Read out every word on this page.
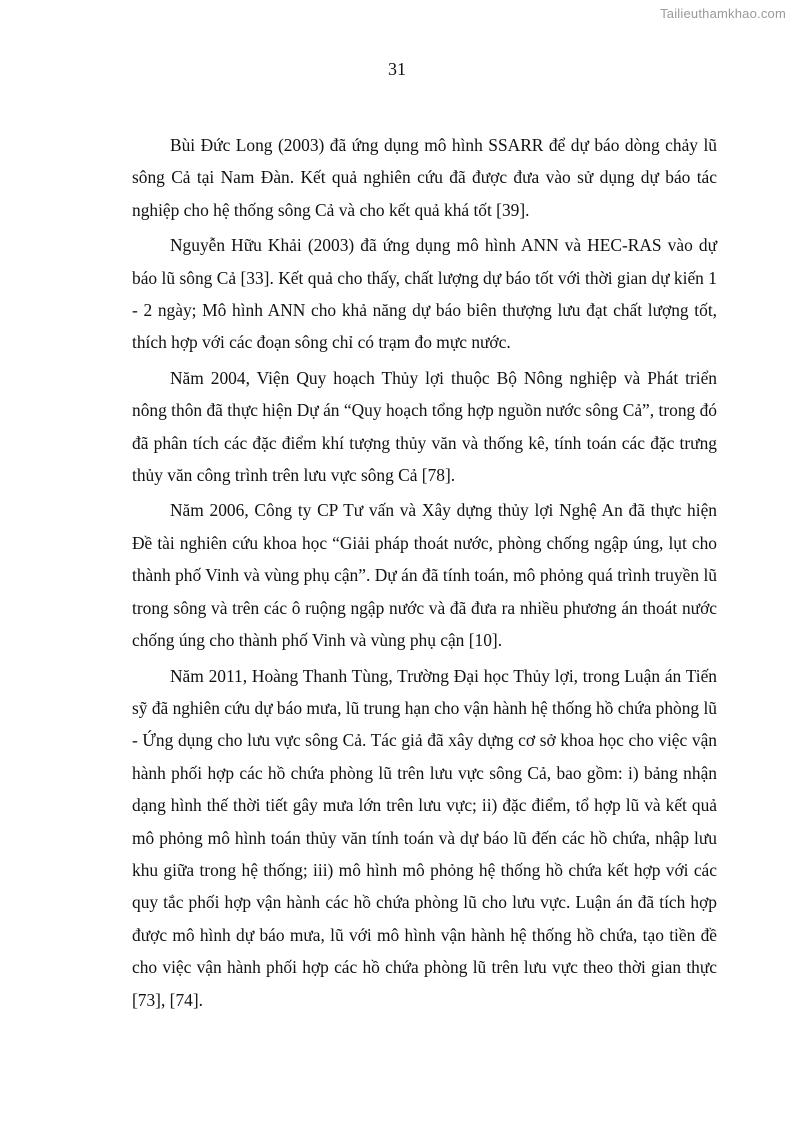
Tailieuthamkhao.com
31

Bùi Đức Long (2003) đã ứng dụng mô hình SSARR để dự báo dòng chảy lũ sông Cả tại Nam Đàn. Kết quả nghiên cứu đã được đưa vào sử dụng dự báo tác nghiệp cho hệ thống sông Cả và cho kết quả khá tốt [39].

Nguyễn Hữu Khải (2003) đã ứng dụng mô hình ANN và HEC-RAS vào dự báo lũ sông Cả [33]. Kết quả cho thấy, chất lượng dự báo tốt với thời gian dự kiến 1 - 2 ngày; Mô hình ANN cho khả năng dự báo biên thượng lưu đạt chất lượng tốt, thích hợp với các đoạn sông chỉ có trạm đo mực nước.

Năm 2004, Viện Quy hoạch Thủy lợi thuộc Bộ Nông nghiệp và Phát triển nông thôn đã thực hiện Dự án “Quy hoạch tổng hợp nguồn nước sông Cả”, trong đó đã phân tích các đặc điểm khí tượng thủy văn và thống kê, tính toán các đặc trưng thủy văn công trình trên lưu vực sông Cả [78].

Năm 2006, Công ty CP Tư vấn và Xây dựng thủy lợi Nghệ An đã thực hiện Đề tài nghiên cứu khoa học “Giải pháp thoát nước, phòng chống ngập úng, lụt cho thành phố Vinh và vùng phụ cận”. Dự án đã tính toán, mô phỏng quá trình truyền lũ trong sông và trên các ô ruộng ngập nước và đã đưa ra nhiều phương án thoát nước chống úng cho thành phố Vinh và vùng phụ cận [10].

Năm 2011, Hoàng Thanh Tùng, Trường Đại học Thủy lợi, trong Luận án Tiến sỹ đã nghiên cứu dự báo mưa, lũ trung hạn cho vận hành hệ thống hồ chứa phòng lũ - Ứng dụng cho lưu vực sông Cả. Tác giả đã xây dựng cơ sở khoa học cho việc vận hành phối hợp các hồ chứa phòng lũ trên lưu vực sông Cả, bao gồm: i) bảng nhận dạng hình thế thời tiết gây mưa lớn trên lưu vực; ii) đặc điểm, tổ hợp lũ và kết quả mô phỏng mô hình toán thủy văn tính toán và dự báo lũ đến các hồ chứa, nhập lưu khu giữa trong hệ thống; iii) mô hình mô phỏng hệ thống hồ chứa kết hợp với các quy tắc phối hợp vận hành các hồ chứa phòng lũ cho lưu vực. Luận án đã tích hợp được mô hình dự báo mưa, lũ với mô hình vận hành hệ thống hồ chứa, tạo tiền đề cho việc vận hành phối hợp các hồ chứa phòng lũ trên lưu vực theo thời gian thực [73], [74].
